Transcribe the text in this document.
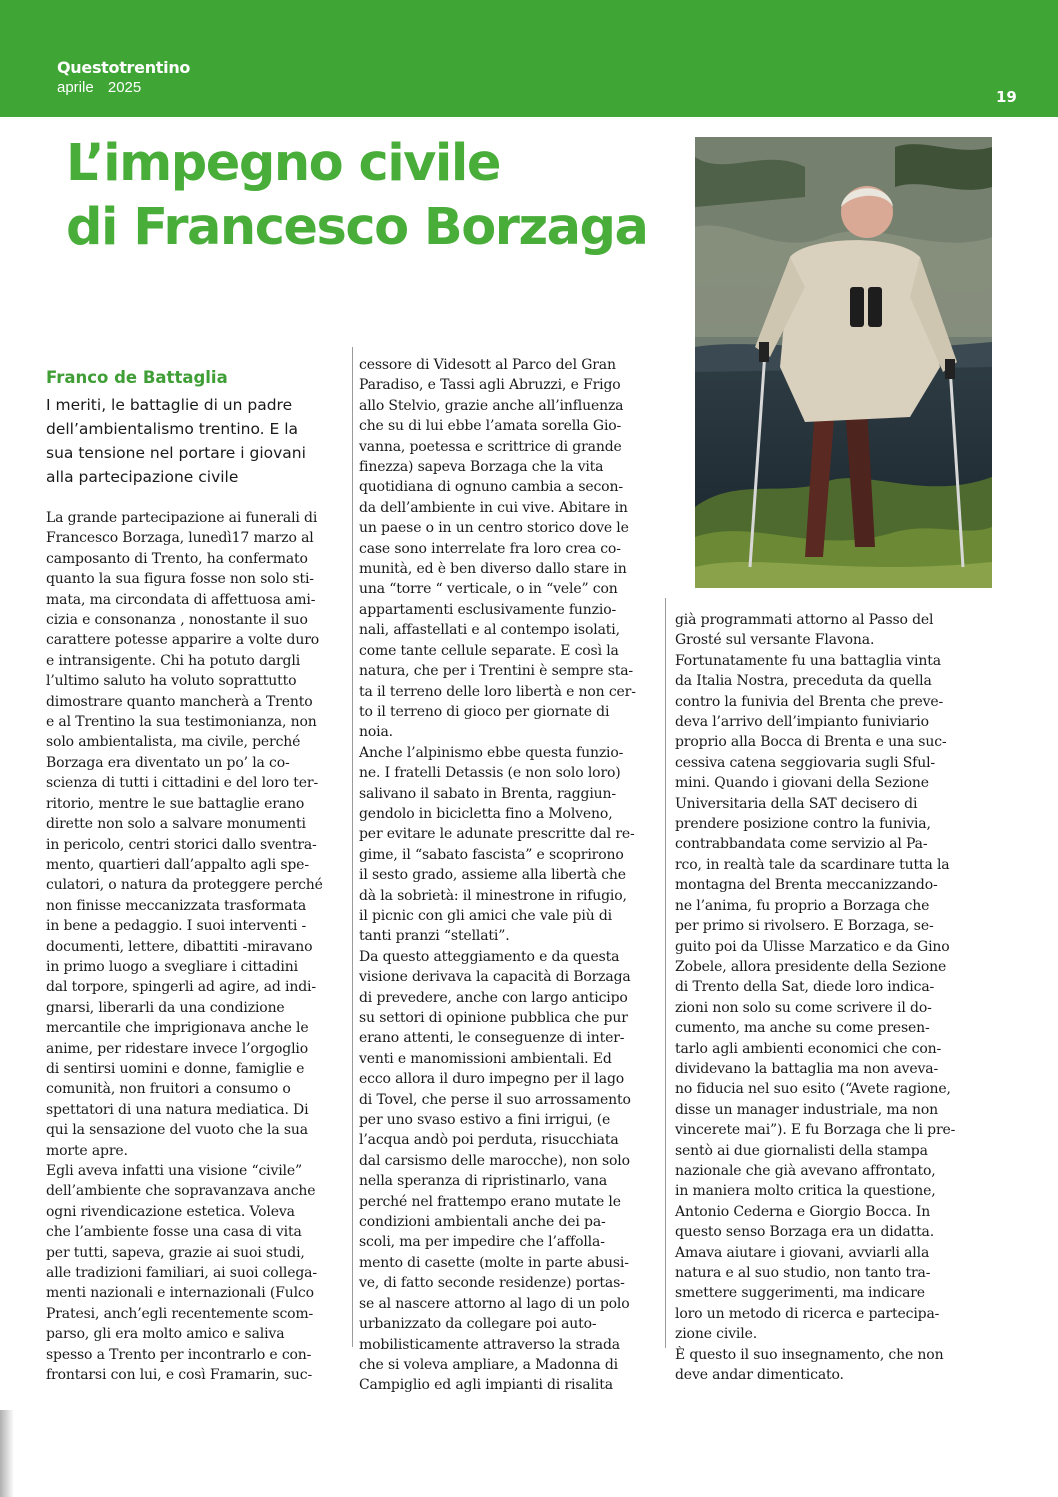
Questotrentino
aprile 2025
19
L’impegno civile
di Francesco Borzaga
Franco de Battaglia
I meriti, le battaglie di un padre
dell’ambientalismo trentino. E la
sua tensione nel portare i giovani
alla partecipazione civile
La grande partecipazione ai funerali di
Francesco Borzaga, lunedì17 marzo al
camposanto di Trento, ha confermato
quanto la sua figura fosse non solo sti-
mata, ma circondata di affettuosa ami-
cizia e consonanza , nonostante il suo
carattere potesse apparire a volte duro
e intransigente. Chi ha potuto dargli
l’ultimo saluto ha voluto soprattutto
dimostrare quanto mancherà a Trento
e al Trentino la sua testimonianza, non
solo ambientalista, ma civile, perché
Borzaga era diventato un po’ la co-
scienza di tutti i cittadini e del loro ter-
ritorio, mentre le sue battaglie erano
dirette non solo a salvare monumenti
in pericolo, centri storici dallo sventra-
mento, quartieri dall’appalto agli spe-
culatori, o natura da proteggere perché
non finisse meccanizzata trasformata
in bene a pedaggio. I suoi interventi -
documenti, lettere, dibattiti -miravano
in primo luogo a svegliare i cittadini
dal torpore, spingerli ad agire, ad indi-
gnarsi, liberarli da una condizione
mercantile che imprigionava anche le
anime, per ridestare invece l’orgoglio
di sentirsi uomini e donne, famiglie e
comunità, non fruitori a consumo o
spettatori di una natura mediatica. Di
qui la sensazione del vuoto che la sua
morte apre.
Egli aveva infatti una visione “civile”
dell’ambiente che sopravanzava anche
ogni rivendicazione estetica. Voleva
che l’ambiente fosse una casa di vita
per tutti, sapeva, grazie ai suoi studi,
alle tradizioni familiari, ai suoi collega-
menti nazionali e internazionali (Fulco
Pratesi, anch’egli recentemente scom-
parso, gli era molto amico e saliva
spesso a Trento per incontrarlo e con-
frontarsi con lui, e così Framarin, suc-
cessore di Videsott al Parco del Gran
Paradiso, e Tassi agli Abruzzi, e Frigo
allo Stelvio, grazie anche all’influenza
che su di lui ebbe l’amata sorella Gio-
vanna, poetessa e scrittrice di grande
finezza) sapeva Borzaga che la vita
quotidiana di ognuno cambia a secon-
da dell’ambiente in cui vive. Abitare in
un paese o in un centro storico dove le
case sono interrelate fra loro crea co-
munità, ed è ben diverso dallo stare in
una “torre “ verticale, o in “vele” con
appartamenti esclusivamente funzio-
nali, affastellati e al contempo isolati,
come tante cellule separate. E così la
natura, che per i Trentini è sempre sta-
ta il terreno delle loro libertà e non cer-
to il terreno di gioco per giornate di
noia.
Anche l’alpinismo ebbe questa funzio-
ne. I fratelli Detassis (e non solo loro)
salivano il sabato in Brenta, raggiun-
gendolo in bicicletta fino a Molveno,
per evitare le adunate prescritte dal re-
gime, il “sabato fascista” e scoprirono
il sesto grado, assieme alla libertà che
dà la sobrietà: il minestrone in rifugio,
il picnic con gli amici che vale più di
tanti pranzi “stellati”.
Da questo atteggiamento e da questa
visione derivava la capacità di Borzaga
di prevedere, anche con largo anticipo
su settori di opinione pubblica che pur
erano attenti, le conseguenze di inter-
venti e manomissioni ambientali. Ed
ecco allora il duro impegno per il lago
di Tovel, che perse il suo arrossamento
per uno svaso estivo a fini irrigui, (e
l’acqua andò poi perduta, risucchiata
dal carsismo delle marocche), non solo
nella speranza di ripristinarlo, vana
perché nel frattempo erano mutate le
condizioni ambientali anche dei pa-
scoli, ma per impedire che l’affolla-
mento di casette (molte in parte abusi-
ve, di fatto seconde residenze) portas-
se al nascere attorno al lago di un polo
urbanizzato da collegare poi auto-
mobilisticamente attraverso la strada
che si voleva ampliare, a Madonna di
Campiglio ed agli impianti di risalita
già programmati attorno al Passo del
Grosté sul versante Flavona.
Fortunatamente fu una battaglia vinta
da Italia Nostra, preceduta da quella
contro la funivia del Brenta che preve-
deva l’arrivo dell’impianto funiviario
proprio alla Bocca di Brenta e una suc-
cessiva catena seggiovaria sugli Sful-
mini. Quando i giovani della Sezione
Universitaria della SAT decisero di
prendere posizione contro la funivia,
contrabbandata come servizio al Pa-
rco, in realtà tale da scardinare tutta la
montagna del Brenta meccanizzando-
ne l’anima, fu proprio a Borzaga che
per primo si rivolsero. E Borzaga, se-
guito poi da Ulisse Marzatico e da Gino
Zobele, allora presidente della Sezione
di Trento della Sat, diede loro indica-
zioni non solo su come scrivere il do-
cumento, ma anche su come presen-
tarlo agli ambienti economici che con-
dividevano la battaglia ma non aveva-
no fiducia nel suo esito (“Avete ragione,
disse un manager industriale, ma non
vincerete mai”). E fu Borzaga che li pre-
sentò ai due giornalisti della stampa
nazionale che già avevano affrontato,
in maniera molto critica la questione,
Antonio Cederna e Giorgio Bocca. In
questo senso Borzaga era un didatta.
Amava aiutare i giovani, avviarli alla
natura e al suo studio, non tanto tra-
smettere suggerimenti, ma indicare
loro un metodo di ricerca e partecipa-
zione civile.
È questo il suo insegnamento, che non
deve andar dimenticato.
